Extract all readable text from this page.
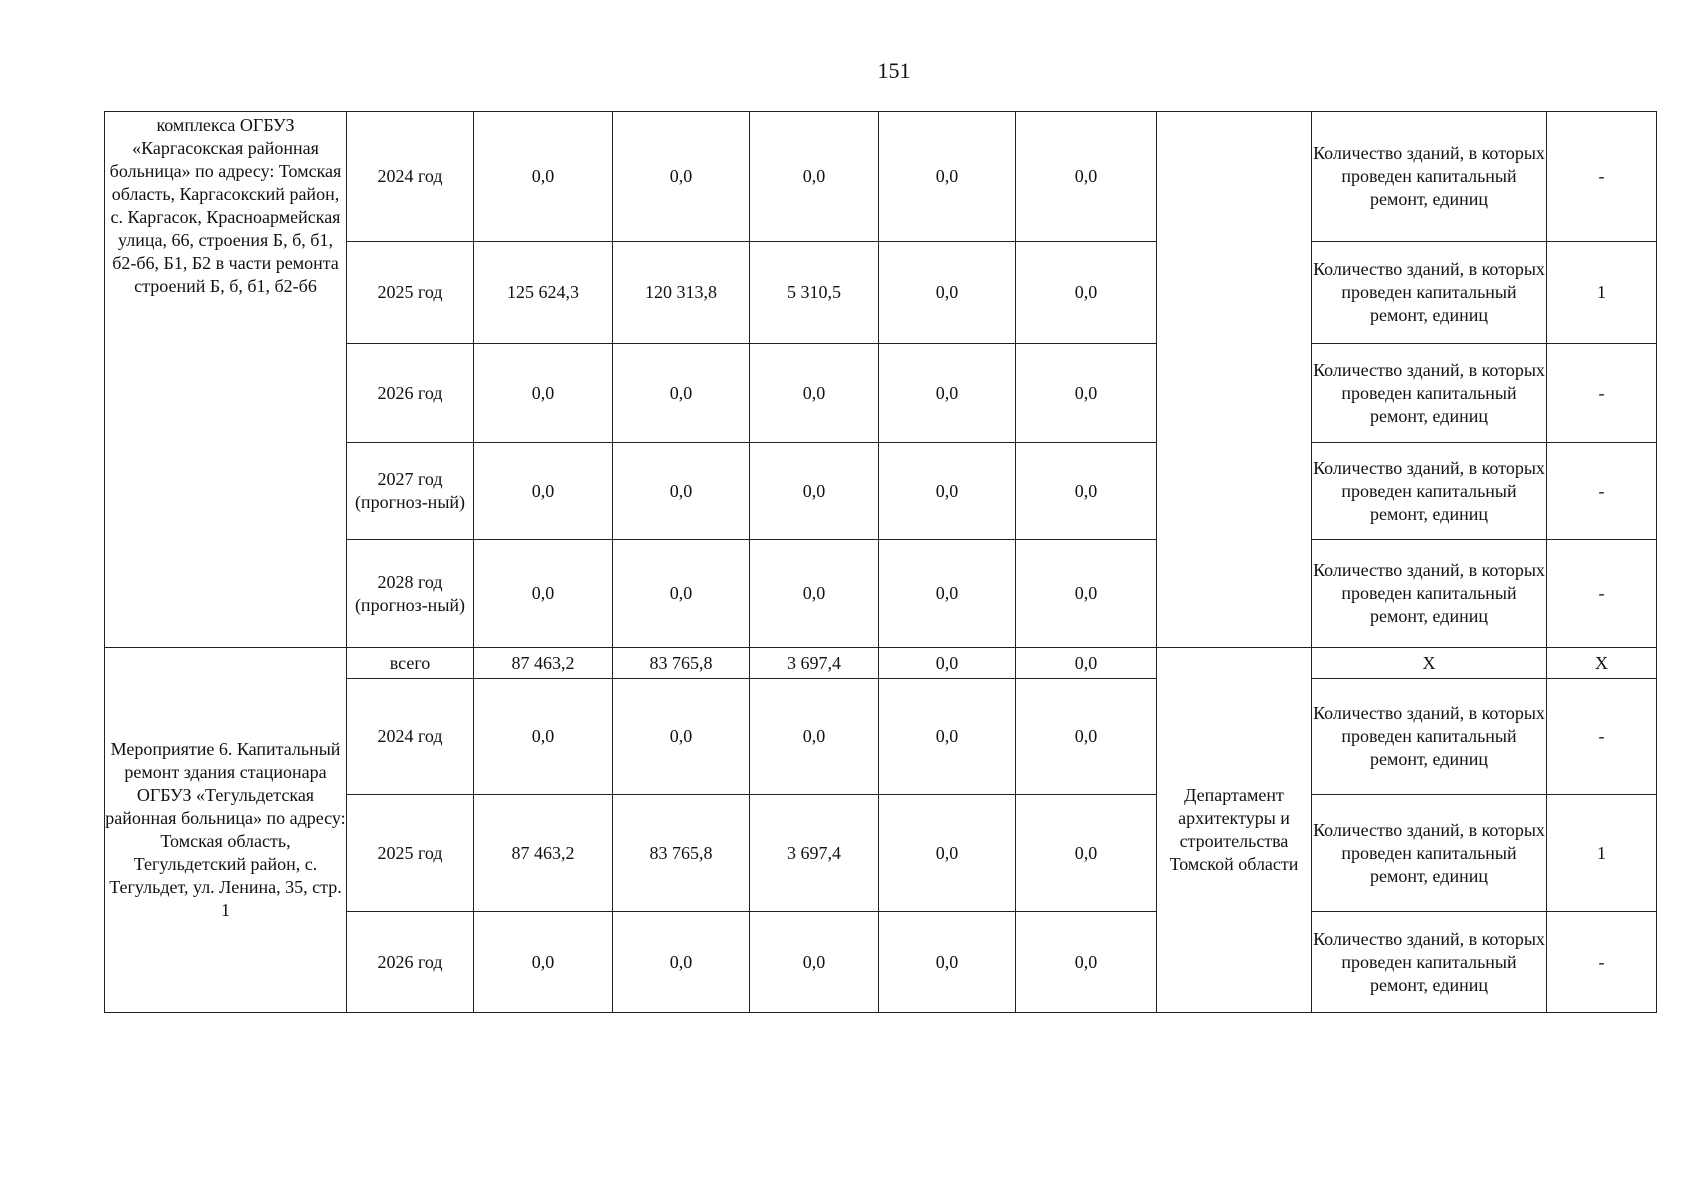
151
комплекса ОГБУЗ «Каргасокская районная больница» по адресу: Томская область, Каргасокский район, с. Каргасок, Красноармейская улица, 66, строения Б, б, б1, б2-б6, Б1, Б2 в части ремонта строений Б, б, б1, б2-б6	2024 год	0,0	0,0	0,0	0,0	0,0		Количество зданий, в которых проведен капитальный ремонт, единиц	-
	2025 год	125 624,3	120 313,8	5 310,5	0,0	0,0		Количество зданий, в которых проведен капитальный ремонт, единиц	1
	2026 год	0,0	0,0	0,0	0,0	0,0		Количество зданий, в которых проведен капитальный ремонт, единиц	-
	2027 год (прогноз-ный)	0,0	0,0	0,0	0,0	0,0		Количество зданий, в которых проведен капитальный ремонт, единиц	-
	2028 год (прогноз-ный)	0,0	0,0	0,0	0,0	0,0		Количество зданий, в которых проведен капитальный ремонт, единиц	-
Мероприятие 6. Капитальный ремонт здания стационара ОГБУЗ «Тегульдетская районная больница» по адресу: Томская область, Тегульдетский район, с. Тегульдет, ул. Ленина, 35, стр. 1	всего	87 463,2	83 765,8	3 697,4	0,0	0,0	Департамент архитектуры и строительства Томской области	Х	Х
	2024 год	0,0	0,0	0,0	0,0	0,0		Количество зданий, в которых проведен капитальный ремонт, единиц	-
	2025 год	87 463,2	83 765,8	3 697,4	0,0	0,0		Количество зданий, в которых проведен капитальный ремонт, единиц	1
	2026 год	0,0	0,0	0,0	0,0	0,0		Количество зданий, в которых проведен капитальный ремонт, единиц	-
